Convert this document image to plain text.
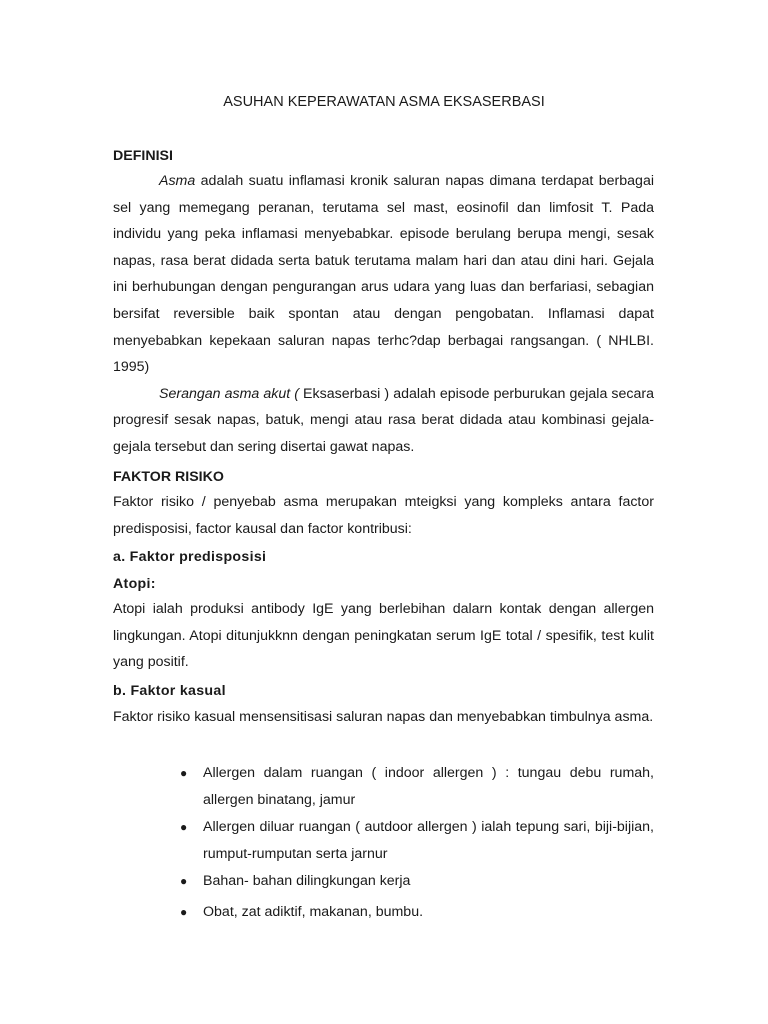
ASUHAN KEPERAWATAN ASMA EKSASERBASI
DEFINISI

Asma adalah suatu inflamasi kronik saluran napas dimana terdapat berbagai sel yang memegang peranan, terutama sel mast, eosinofil dan limfosit T. Pada individu yang peka inflamasi menyebabkar. episode berulang berupa mengi, sesak napas, rasa berat didada serta batuk terutama malam hari dan atau dini hari. Gejala ini berhubungan dengan pengurangan arus udara yang luas dan berfariasi, sebagian bersifat reversible baik spontan atau dengan pengobatan. Inflamasi dapat menyebabkan kepekaan saluran napas terhc?dap berbagai rangsangan. ( NHLBI. 1995)

Serangan asma akut ( Eksaserbasi ) adalah episode perburukan gejala secara progresif sesak napas, batuk, mengi atau rasa berat didada atau kombinasi gejala-gejala tersebut dan sering disertai gawat napas.

FAKTOR RISIKO

Faktor risiko / penyebab asma merupakan mteigksi yang kompleks antara factor predisposisi, factor kausal dan factor kontribusi:

a. Faktor predisposisi
Atopi:

Atopi ialah produksi antibody IgE yang berlebihan dalarn kontak dengan allergen lingkungan. Atopi ditunjukknn dengan peningkatan serum IgE total / spesifik, test kulit yang positif.

b. Faktor kasual

Faktor risiko kasual mensensitisasi saluran napas dan menyebabkan timbulnya asma.

● Allergen dalam ruangan ( indoor allergen ) : tungau debu rumah, allergen binatang, jamur
● Allergen diluar ruangan ( autdoor allergen ) ialah tepung sari, biji-bijian, rumput-rumputan serta jarnur
● Bahan- bahan dilingkungan kerja
● Obat, zat adiktif, makanan, bumbu.
